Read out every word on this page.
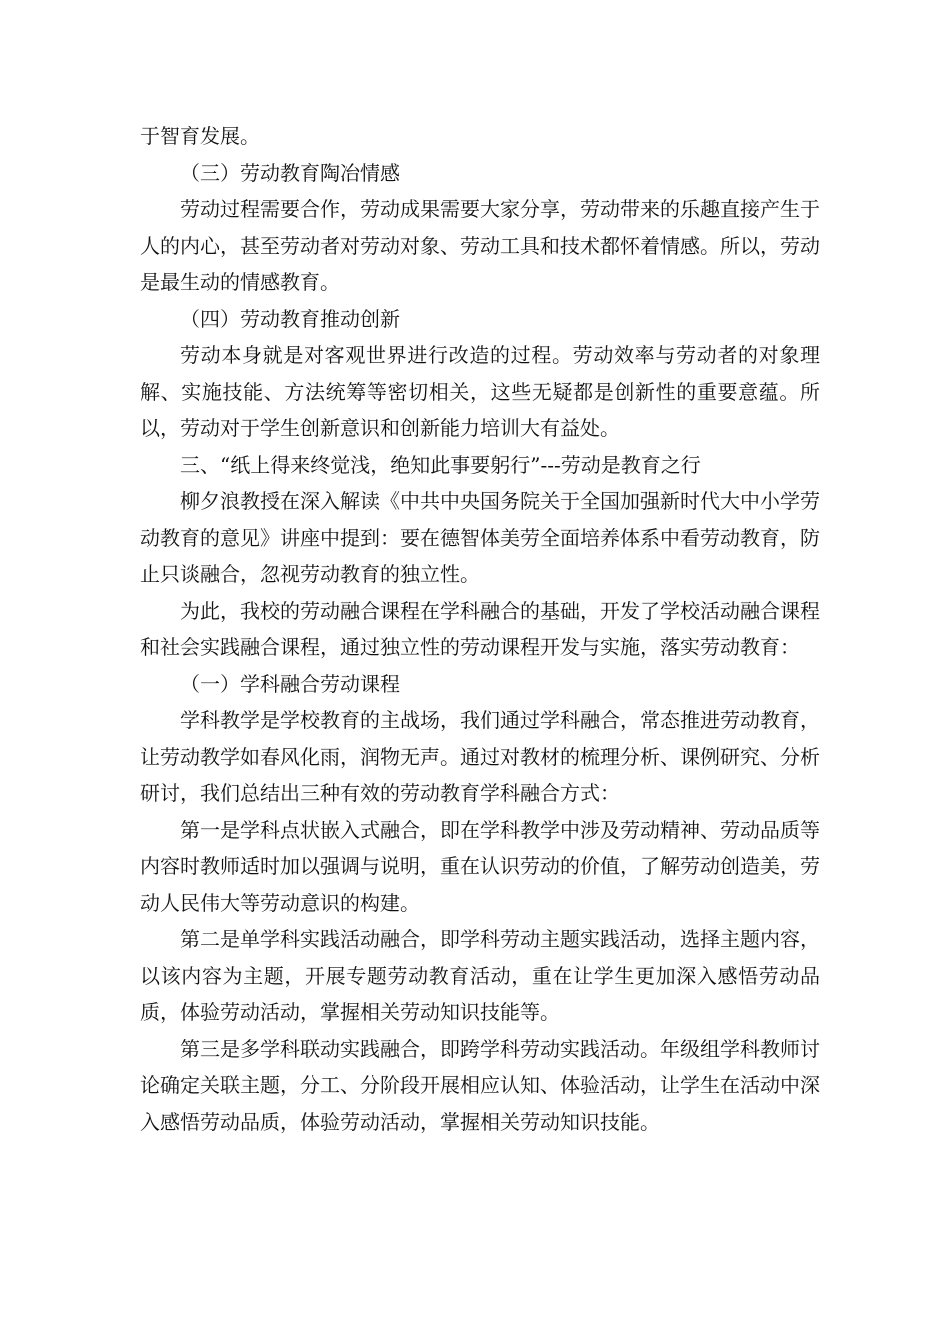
于智育发展。

（三）劳动教育陶冶情感

劳动过程需要合作，劳动成果需要大家分享，劳动带来的乐趣直接产生于人的内心，甚至劳动者对劳动对象、劳动工具和技术都怀着情感。所以，劳动是最生动的情感教育。

（四）劳动教育推动创新

劳动本身就是对客观世界进行改造的过程。劳动效率与劳动者的对象理解、实施技能、方法统筹等密切相关，这些无疑都是创新性的重要意蕴。所以，劳动对于学生创新意识和创新能力培训大有益处。

三、“纸上得来终觉浅，绝知此事要躬行”---劳动是教育之行

柳夕浪教授在深入解读《中共中央国务院关于全国加强新时代大中小学劳动教育的意见》讲座中提到：要在德智体美劳全面培养体系中看劳动教育，防止只谈融合，忽视劳动教育的独立性。

为此，我校的劳动融合课程在学科融合的基础，开发了学校活动融合课程和社会实践融合课程，通过独立性的劳动课程开发与实施，落实劳动教育：

（一）学科融合劳动课程

学科教学是学校教育的主战场，我们通过学科融合，常态推进劳动教育，让劳动教学如春风化雨，润物无声。通过对教材的梳理分析、课例研究、分析研讨，我们总结出三种有效的劳动教育学科融合方式：

第一是学科点状嵌入式融合，即在学科教学中涉及劳动精神、劳动品质等内容时教师适时加以强调与说明，重在认识劳动的价值，了解劳动创造美，劳动人民伟大等劳动意识的构建。

第二是单学科实践活动融合，即学科劳动主题实践活动，选择主题内容，以该内容为主题，开展专题劳动教育活动，重在让学生更加深入感悟劳动品质，体验劳动活动，掌握相关劳动知识技能等。

第三是多学科联动实践融合，即跨学科劳动实践活动。年级组学科教师讨论确定关联主题，分工、分阶段开展相应认知、体验活动，让学生在活动中深入感悟劳动品质，体验劳动活动，掌握相关劳动知识技能。
